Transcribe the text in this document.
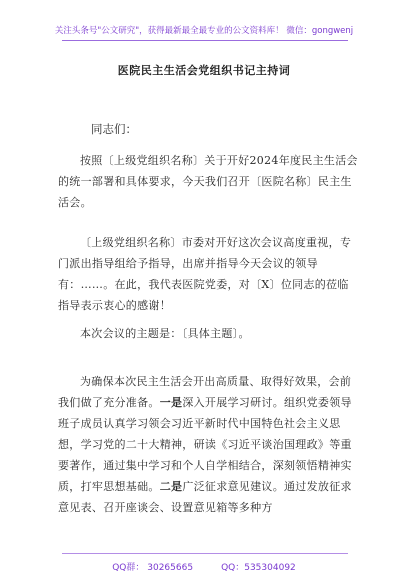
关注头条号"公文研究"，获得最新最全最专业的公文资料库！ 微信：gongwenj
医院民主生活会党组织书记主持词
同志们：
按照〔上级党组织名称〕关于开好2024年度民主生活会的统一部署和具体要求，今天我们召开〔医院名称〕民主生活会。
〔上级党组织名称〕市委对开好这次会议高度重视，专门派出指导组给予指导，出席并指导今天会议的领导有：……。在此，我代表医院党委，对〔X〕位同志的莅临指导表示衷心的感谢！
本次会议的主题是：〔具体主题〕。
为确保本次民主生活会开出高质量、取得好效果，会前我们做了充分准备。一是深入开展学习研讨。组织党委领导班子成员认真学习领会习近平新时代中国特色社会主义思想，学习党的二十大精神，研读《习近平谈治国理政》等重要著作，通过集中学习和个人自学相结合，深刻领悟精神实质，打牢思想基础。二是广泛征求意见建议。通过发放征求意见表、召开座谈会、设置意见箱等多种方
QQ群： 30265665	QQ：535304092
